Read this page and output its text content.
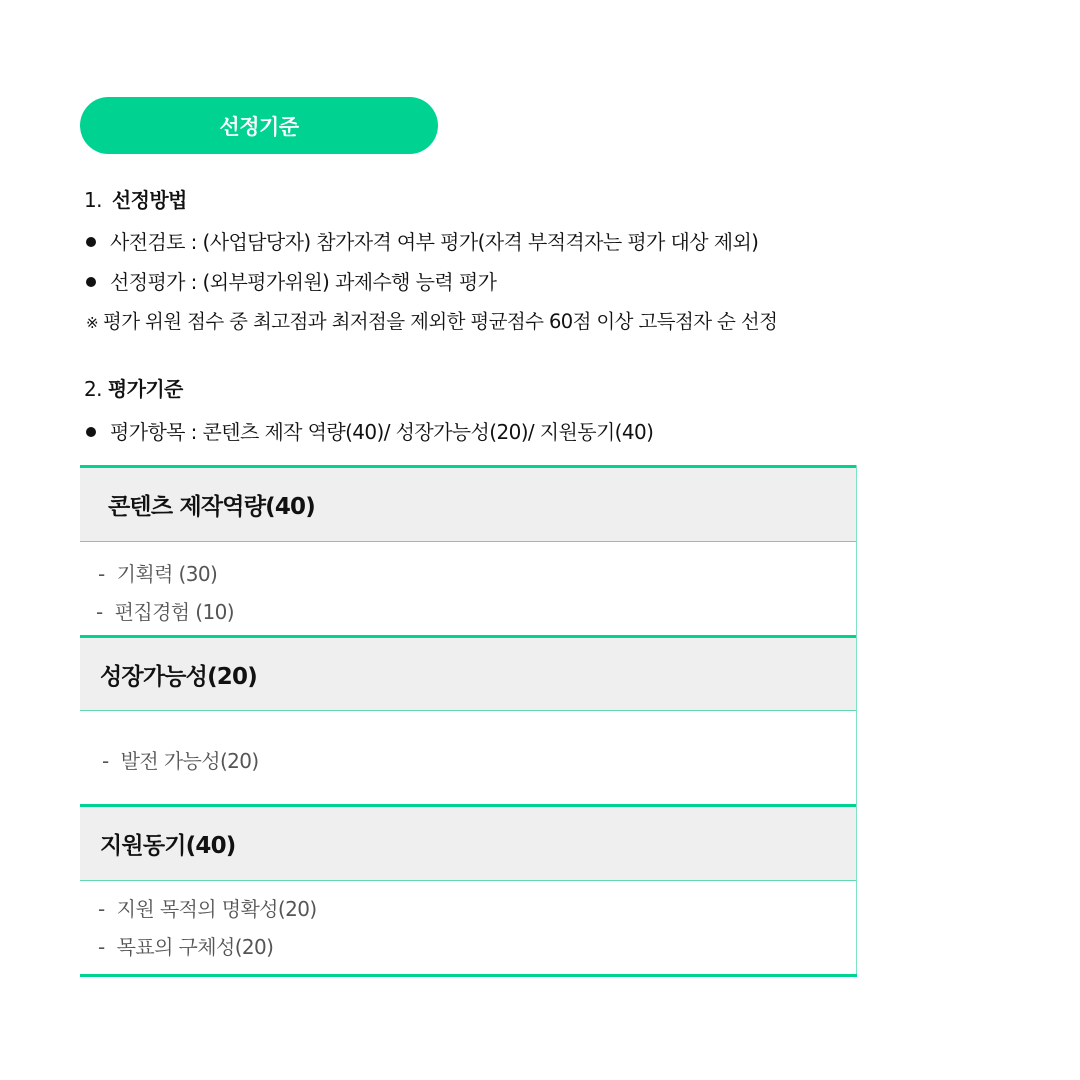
선정기준
1. 선정방법
사전검토 : (사업담당자) 참가자격 여부 평가(자격 부적격자는 평가 대상 제외)
선정평가 : (외부평가위원) 과제수행 능력 평가
※ 평가 위원 점수 중 최고점과 최저점을 제외한 평균점수 60점 이상 고득점자 순 선정
2. 평가기준
평가항목 : 콘텐츠 제작 역량(40)/ 성장가능성(20)/ 지원동기(40)
콘텐츠 제작역량(40)
- 기획력 (30)
- 편집경험 (10)
성장가능성(20)
- 발전 가능성(20)
지원동기(40)
- 지원 목적의 명확성(20)
- 목표의 구체성(20)
